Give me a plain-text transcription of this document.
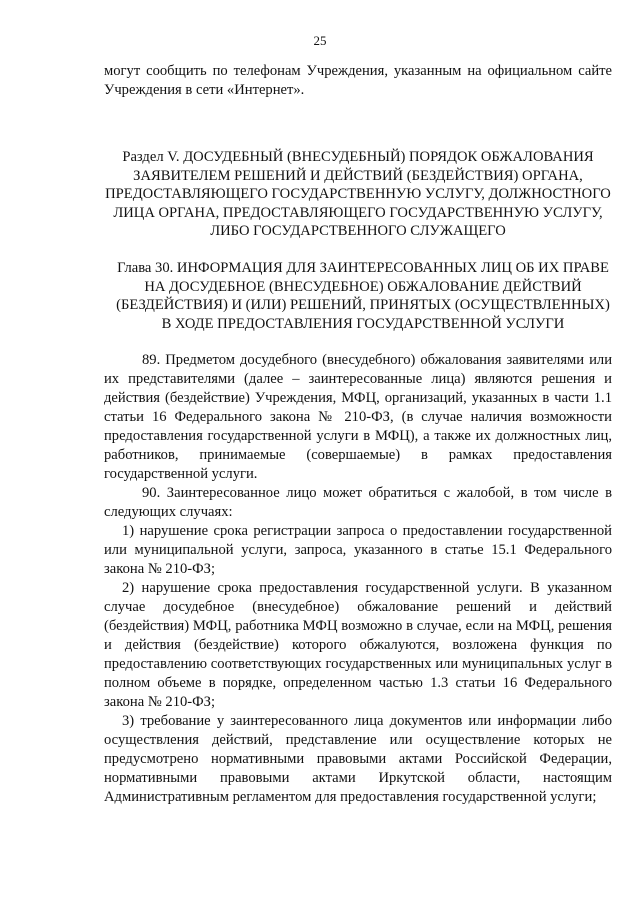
25

могут сообщить по телефонам Учреждения, указанным на официальном сайте Учреждения в сети «Интернет».

Раздел V. ДОСУДЕБНЫЙ (ВНЕСУДЕБНЫЙ) ПОРЯДОК ОБЖАЛОВАНИЯ ЗАЯВИТЕЛЕМ РЕШЕНИЙ И ДЕЙСТВИЙ (БЕЗДЕЙСТВИЯ) ОРГАНА, ПРЕДОСТАВЛЯЮЩЕГО ГОСУДАРСТВЕННУЮ УСЛУГУ, ДОЛЖНОСТНОГО ЛИЦА ОРГАНА, ПРЕДОСТАВЛЯЮЩЕГО ГОСУДАРСТВЕННУЮ УСЛУГУ, ЛИБО ГОСУДАРСТВЕННОГО СЛУЖАЩЕГО
Глава 30. ИНФОРМАЦИЯ ДЛЯ ЗАИНТЕРЕСОВАННЫХ ЛИЦ ОБ ИХ ПРАВЕ НА ДОСУДЕБНОЕ (ВНЕСУДЕБНОЕ) ОБЖАЛОВАНИЕ ДЕЙСТВИЙ (БЕЗДЕЙСТВИЯ) И (ИЛИ) РЕШЕНИЙ, ПРИНЯТЫХ (ОСУЩЕСТВЛЕННЫХ) В ХОДЕ ПРЕДОСТАВЛЕНИЯ ГОСУДАРСТВЕННОЙ УСЛУГИ

89. Предметом досудебного (внесудебного) обжалования заявителями или их представителями (далее – заинтересованные лица) являются решения и действия (бездействие) Учреждения, МФЦ, организаций, указанных в части 1.1 статьи 16 Федерального закона № 210-ФЗ, (в случае наличия возможности предоставления государственной услуги в МФЦ), а также их должностных лиц, работников, принимаемые (совершаемые) в рамках предоставления государственной услуги.

90. Заинтересованное лицо может обратиться с жалобой, в том числе в следующих случаях:

1) нарушение срока регистрации запроса о предоставлении государственной или муниципальной услуги, запроса, указанного в статье 15.1 Федерального закона № 210-ФЗ;

2) нарушение срока предоставления государственной услуги. В указанном случае досудебное (внесудебное) обжалование решений и действий (бездействия) МФЦ, работника МФЦ возможно в случае, если на МФЦ, решения и действия (бездействие) которого обжалуются, возложена функция по предоставлению соответствующих государственных или муниципальных услуг в полном объеме в порядке, определенном частью 1.3 статьи 16 Федерального закона № 210-ФЗ;

3) требование у заинтересованного лица документов или информации либо осуществления действий, представление или осуществление которых не предусмотрено нормативными правовыми актами Российской Федерации, нормативными правовыми актами Иркутской области, настоящим Административным регламентом для предоставления государственной услуги;
